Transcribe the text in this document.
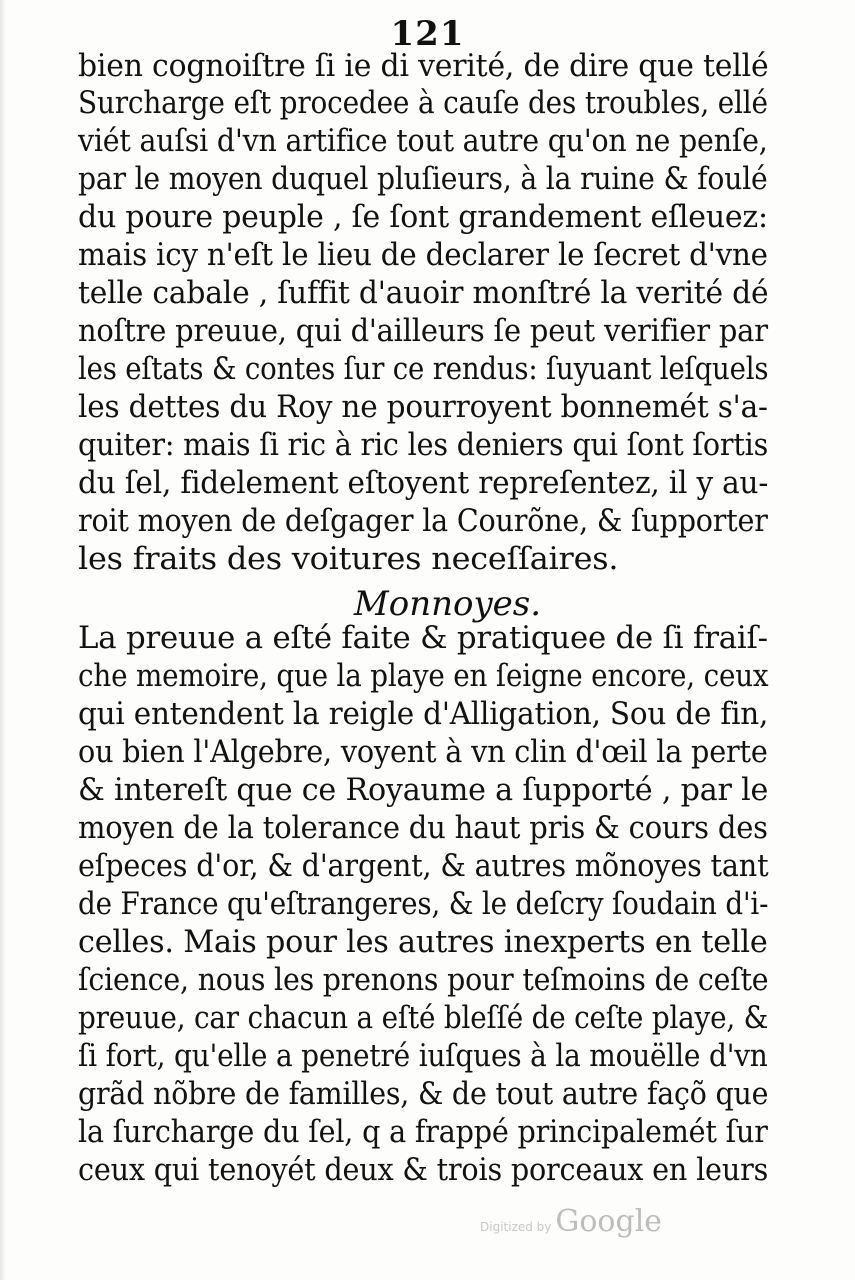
121
bien cognoiſtre ſi ie di verité, de dire que tellé
Surcharge eſt procedee à cauſe des troubles, ellé
viét auſsi d'vn artifice tout autre qu'on ne penſe,
par le moyen duquel pluſieurs, à la ruine & foulé
du poure peuple , ſe ſont grandement eſleuez:
mais icy n'eſt le lieu de declarer le ſecret d'vne
telle cabale , ſuffit d'auoir monſtré la verité dé
noſtre preuue, qui d'ailleurs ſe peut verifier par
les eſtats & contes ſur ce rendus: ſuyuant leſquels
les dettes du Roy ne pourroyent bonnemét s'a-
quiter: mais ſi ric à ric les deniers qui ſont ſortis
du ſel, fidelement eſtoyent repreſentez, il y au-
roit moyen de deſgager la Courõne, & ſupporter
les fraits des voitures neceſſaires.
Monnoyes.
La preuue a eſté faite & pratiquee de ſi fraiſ-
che memoire, que la playe en ſeigne encore, ceux
qui entendent la reigle d'Alligation, Sou de fin,
ou bien l'Algebre, voyent à vn clin d'œil la perte
& intereſt que ce Royaume a ſupporté , par le
moyen de la tolerance du haut pris & cours des
eſpeces d'or, & d'argent, & autres mõnoyes tant
de France qu'eſtrangeres, & le deſcry ſoudain d'i-
celles. Mais pour les autres inexperts en telle
ſcience, nous les prenons pour teſmoins de ceſte
preuue, car chacun a eſté bleſſé de ceſte playe, &
ſi fort, qu'elle a penetré iuſques à la mouëlle d'vn
grãd nõbre de familles, & de tout autre façõ que
la ſurcharge du ſel, q a frappé principalemét ſur
ceux qui tenoyét deux & trois porceaux en leurs
Digitized by Google
